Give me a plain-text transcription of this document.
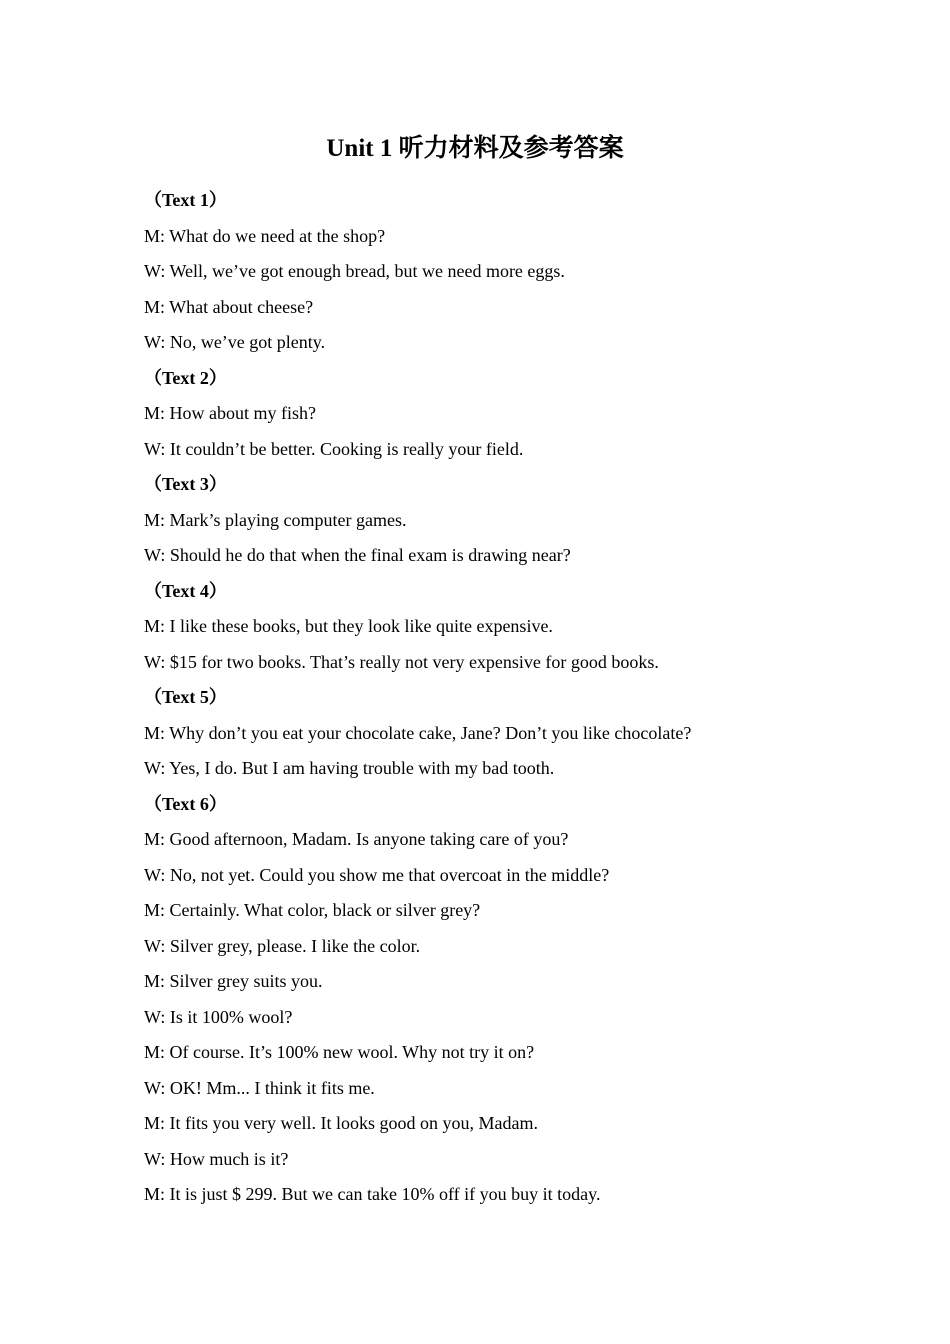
Unit 1 听力材料及参考答案

（Text 1）

M: What do we need at the shop?

W: Well, we’ve got enough bread, but we need more eggs.

M: What about cheese?

W: No, we’ve got plenty.

（Text 2）

M: How about my fish?

W: It couldn’t be better. Cooking is really your field.

（Text 3）

M: Mark’s playing computer games.

W: Should he do that when the final exam is drawing near?

（Text 4）

M: I like these books, but they look like quite expensive.

W: $15 for two books. That’s really not very expensive for good books.

（Text 5）

M: Why don’t you eat your chocolate cake, Jane? Don’t you like chocolate?

W: Yes, I do. But I am having trouble with my bad tooth.

（Text 6）

M: Good afternoon, Madam. Is anyone taking care of you?

W: No, not yet. Could you show me that overcoat in the middle?

M: Certainly. What color, black or silver grey?

W: Silver grey, please. I like the color.

M: Silver grey suits you.

W: Is it 100% wool?

M: Of course. It’s 100% new wool. Why not try it on?

W: OK! Mm... I think it fits me.

M: It fits you very well. It looks good on you, Madam.

W: How much is it?

M: It is just $ 299. But we can take 10% off if you buy it today.
